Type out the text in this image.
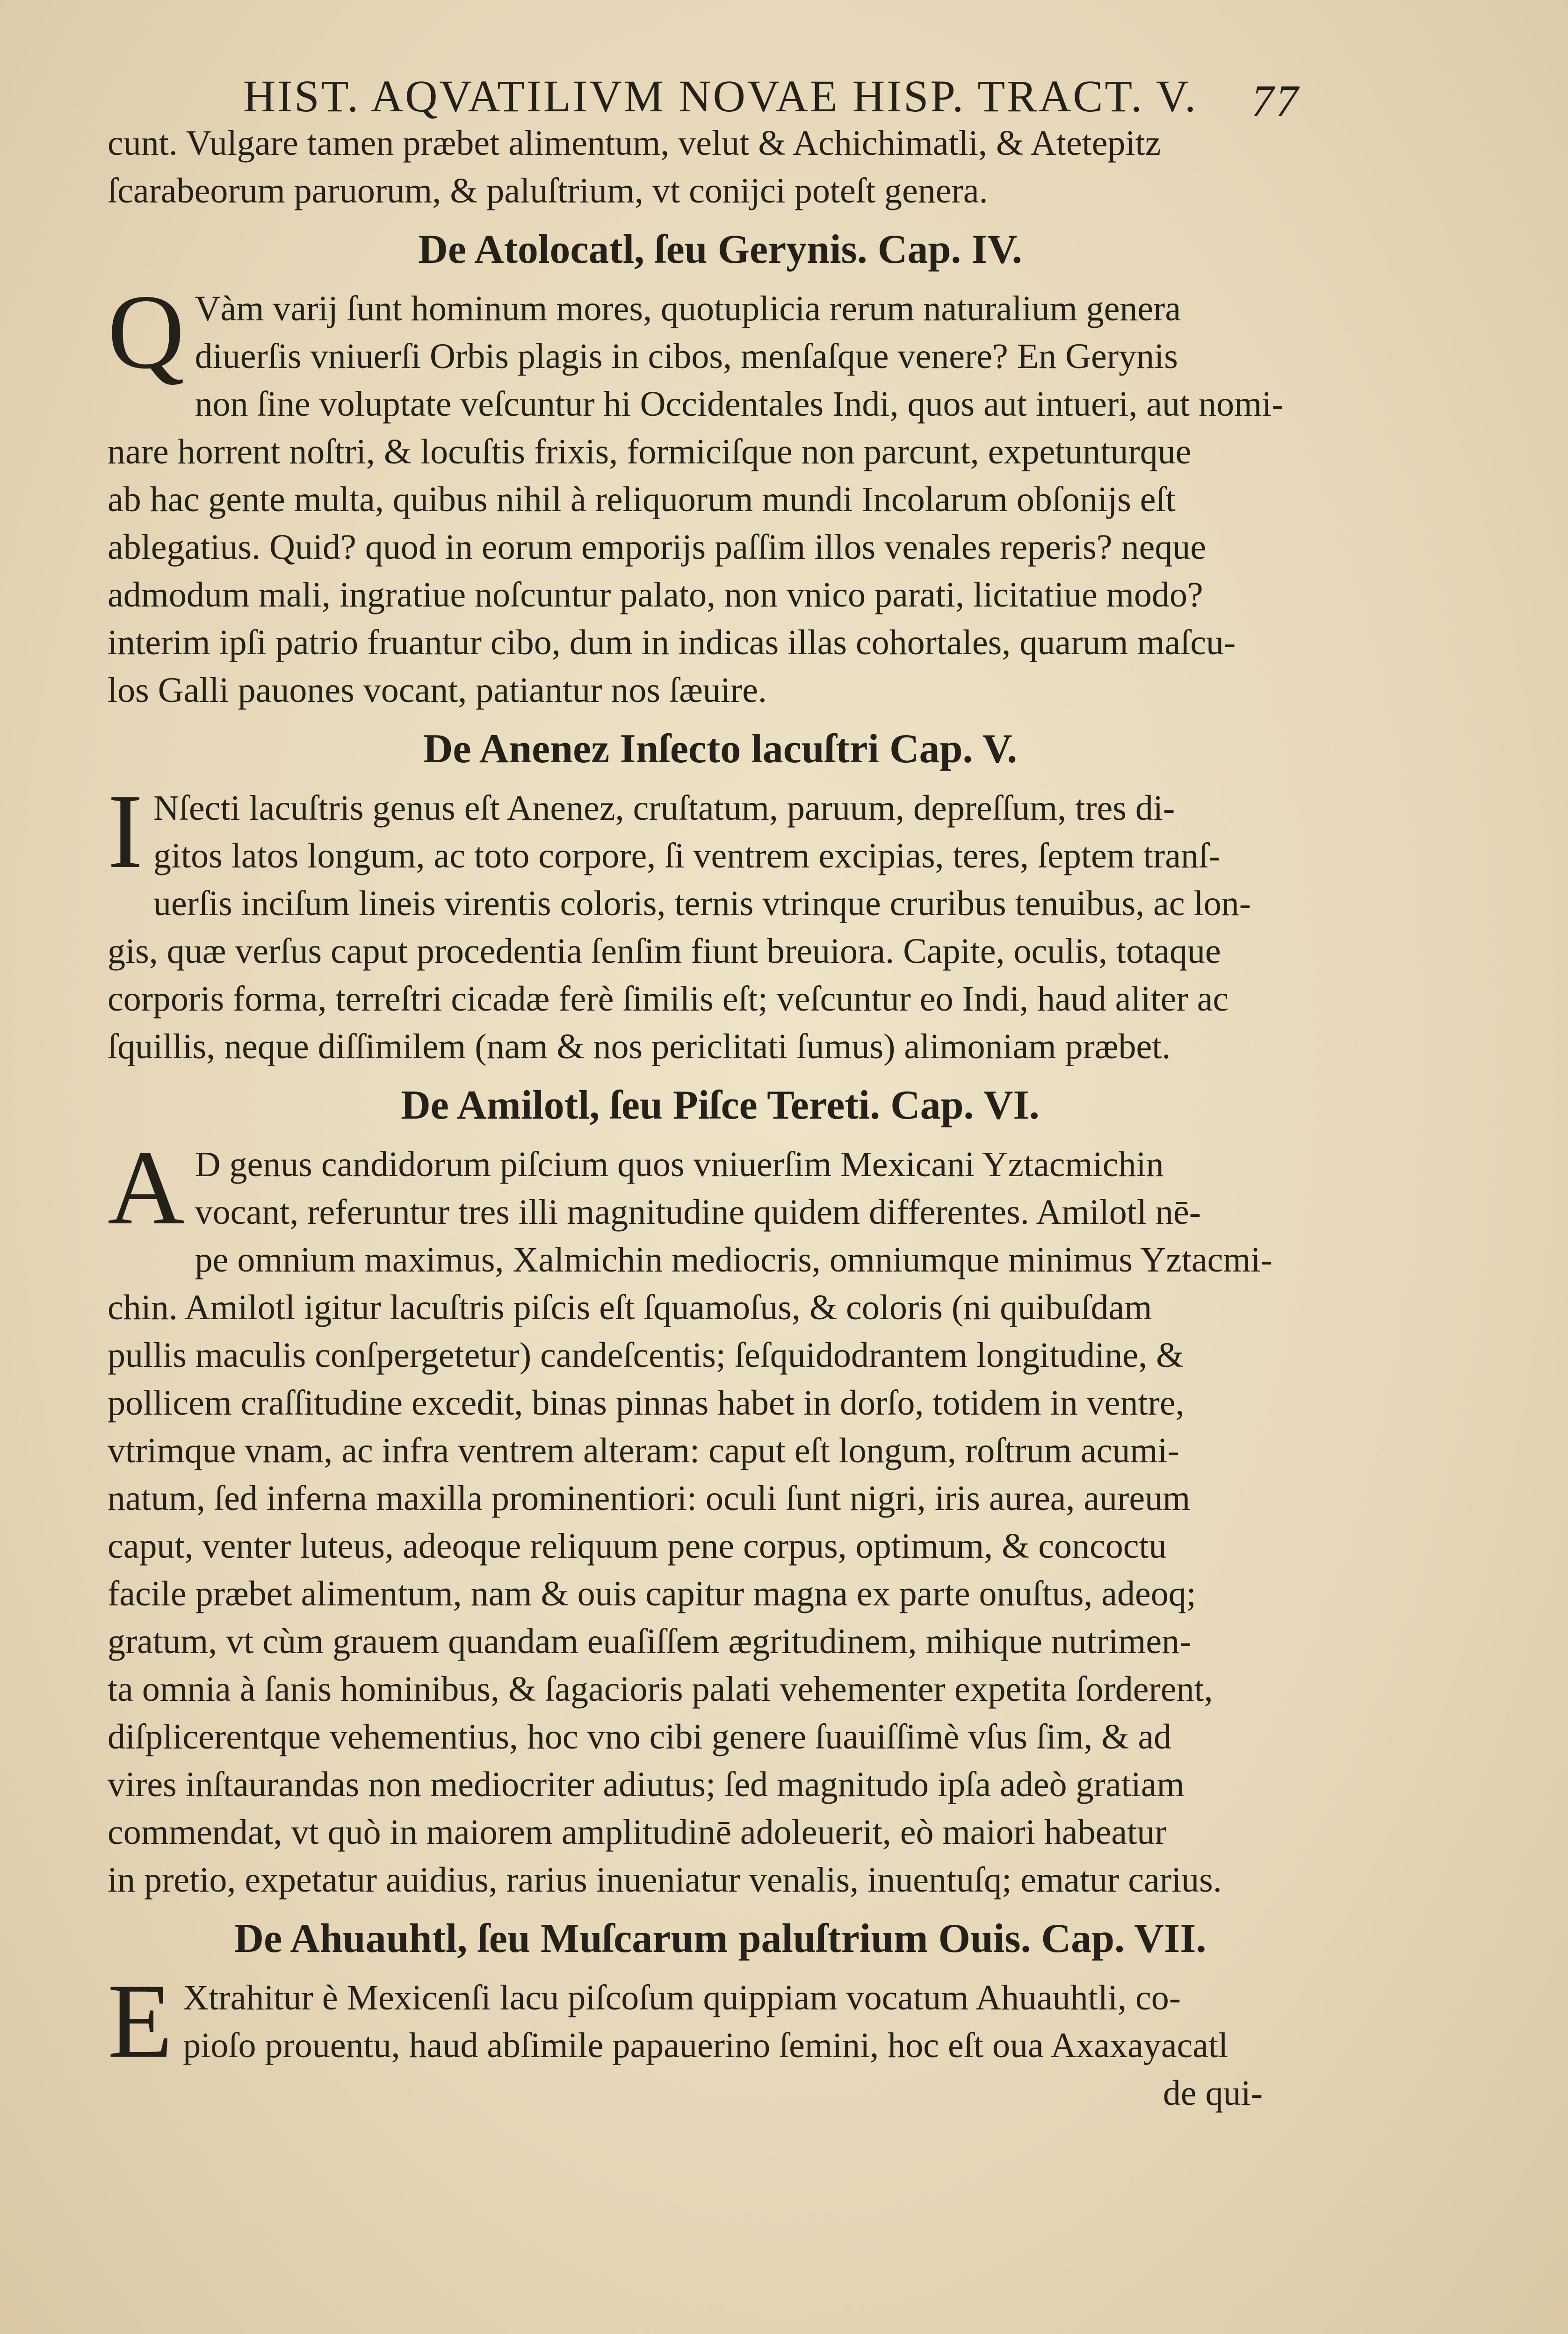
HIST. AQVATILIVM NOVAE HISP. TRACT. V. 77

cunt. Vulgare tamen præbet alimentum, velut & Achichimatli, & Atetepitz
ſcarabeorum paruorum, & paluſtrium, vt conijci poteſt genera.

De Atolocatl, ſeu Gerynis. Cap. IV.

Q Vàm varij ſunt hominum mores, quotuplicia rerum naturalium genera
diuerſis vniuerſi Orbis plagis in cibos, menſaſque venere? En Gerynis
non ſine voluptate veſcuntur hi Occidentales Indi, quos aut intueri, aut nomi-
nare horrent noſtri, & locuſtis frixis, formiciſque non parcunt, expetunturque
ab hac gente multa, quibus nihil à reliquorum mundi Incolarum obſonijs eſt
ablegatius. Quid? quod in eorum emporijs paſſim illos venales reperis? neque
admodum mali, ingratiue noſcuntur palato, non vnico parati, licitatiue modo?
interim ipſi patrio fruantur cibo, dum in indicas illas cohortales, quarum maſcu-
los Galli pauones vocant, patiantur nos ſæuire.

De Anenez Inſecto lacuſtri Cap. V.

I Nſecti lacuſtris genus eſt Anenez, cruſtatum, paruum, depreſſum, tres di-
gitos latos longum, ac toto corpore, ſi ventrem excipias, teres, ſeptem tranſ-
uerſis inciſum lineis virentis coloris, ternis vtrinque cruribus tenuibus, ac lon-
gis, quæ verſus caput procedentia ſenſim fiunt breuiora. Capite, oculis, totaque
corporis forma, terreſtri cicadæ ferè ſimilis eſt; veſcuntur eo Indi, haud aliter ac
ſquillis, neque diſſimilem (nam & nos periclitati ſumus) alimoniam præbet.

De Amilotl, ſeu Piſce Tereti. Cap. VI.

A D genus candidorum piſcium quos vniuerſim Mexicani Yztacmichin
vocant, referuntur tres illi magnitudine quidem differentes. Amilotl nē-
pe omnium maximus, Xalmichin mediocris, omniumque minimus Yztacmi-
chin. Amilotl igitur lacuſtris piſcis eſt ſquamoſus, & coloris (ni quibuſdam
pullis maculis conſpergetetur) candeſcentis; ſeſquidodrantem longitudine, &
pollicem craſſitudine excedit, binas pinnas habet in dorſo, totidem in ventre,
vtrimque vnam, ac infra ventrem alteram: caput eſt longum, roſtrum acumi-
natum, ſed inferna maxilla prominentiori: oculi ſunt nigri, iris aurea, aureum
caput, venter luteus, adeoque reliquum pene corpus, optimum, & concoctu
facile præbet alimentum, nam & ouis capitur magna ex parte onuſtus, adeoq;
gratum, vt cùm grauem quandam euaſiſſem ægritudinem, mihique nutrimen-
ta omnia à ſanis hominibus, & ſagacioris palati vehementer expetita ſorderent,
diſplicerentque vehementius, hoc vno cibi genere ſuauiſſimè vſus ſim, & ad
vires inſtaurandas non mediocriter adiutus; ſed magnitudo ipſa adeò gratiam
commendat, vt quò in maiorem amplitudinē adoleuerit, eò maiori habeatur
in pretio, expetatur auidius, rarius inueniatur venalis, inuentuſq; ematur carius.

De Ahuauhtl, ſeu Muſcarum paluſtrium Ouis. Cap. VII.

E Xtrahitur è Mexicenſi lacu piſcoſum quippiam vocatum Ahuauhtli, co-
pioſo prouentu, haud abſimile papauerino ſemini, hoc eſt oua Axaxayacatl

de qui-
